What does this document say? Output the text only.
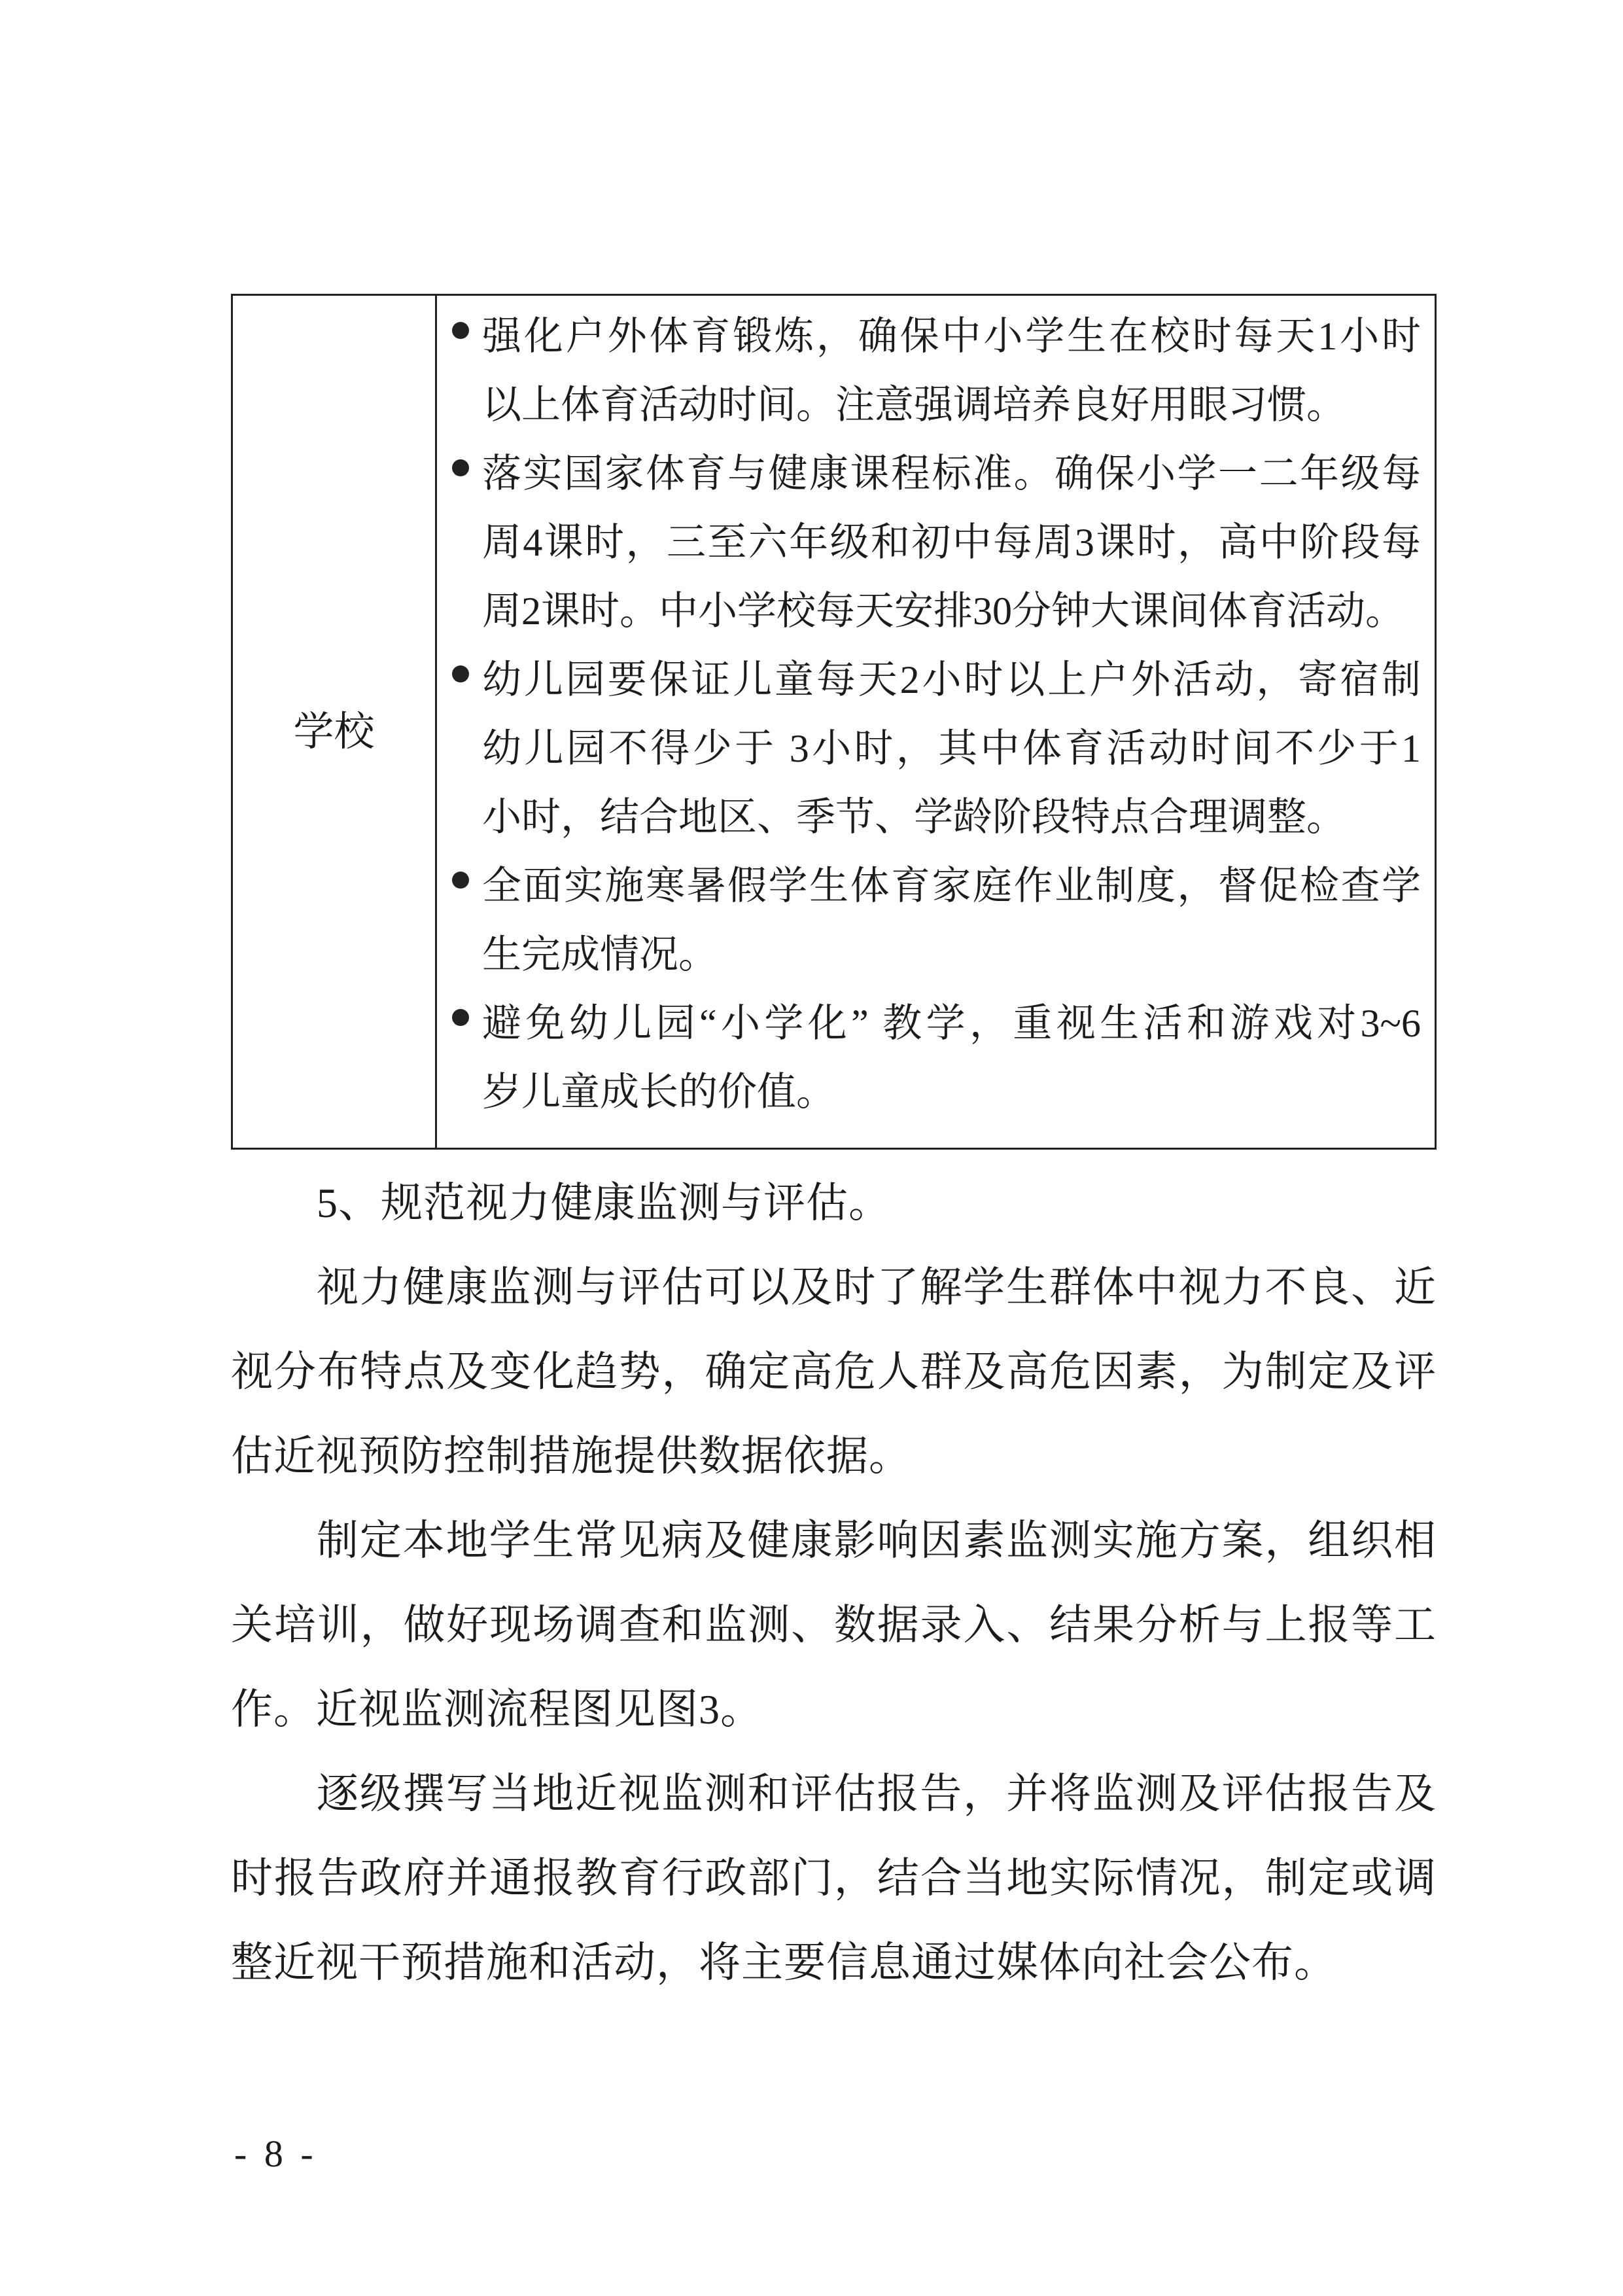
学校
强化户外体育锻炼，确保中小学生在校时每天1小时
以上体育活动时间。注意强调培养良好用眼习惯。
落实国家体育与健康课程标准。确保小学一二年级每
周4课时，三至六年级和初中每周3课时，高中阶段每
周2课时。中小学校每天安排30分钟大课间体育活动。
幼儿园要保证儿童每天2小时以上户外活动，寄宿制
幼儿园不得少于 3小时，其中体育活动时间不少于1
小时，结合地区、季节、学龄阶段特点合理调整。
全面实施寒暑假学生体育家庭作业制度，督促检查学
生完成情况。
避免幼儿园“小学化” 教学，重视生活和游戏对3~6
岁儿童成长的价值。
5、规范视力健康监测与评估。
视力健康监测与评估可以及时了解学生群体中视力不良、近
视分布特点及变化趋势，确定高危人群及高危因素，为制定及评
估近视预防控制措施提供数据依据。
制定本地学生常见病及健康影响因素监测实施方案，组织相
关培训，做好现场调查和监测、数据录入、结果分析与上报等工
作。近视监测流程图见图3。
逐级撰写当地近视监测和评估报告，并将监测及评估报告及
时报告政府并通报教育行政部门，结合当地实际情况，制定或调
整近视干预措施和活动，将主要信息通过媒体向社会公布。
- 8 -
